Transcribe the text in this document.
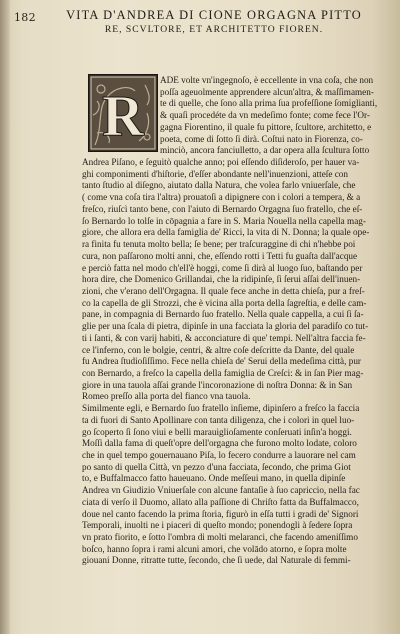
182	VITA D'ANDREA DI CIONE ORGAGNA PITTO
RE, SCVLTORE, ET ARCHITETTO FIOREN.
R
ADE volte vn'ingegnoſo, è eccellente in vna coſa, che non
poſſa ageuolmente apprendere alcun'altra, & maſſimamen-
te di quelle, che ſono alla prima ſua profeſſione ſomiglianti,
& quaſi procedéte da vn medeſimo fonte; come fece l'Or-
gagna Fiorentino, il quale fu pittore, ſcultore, architetto, e
poeta, come di ſotto ſi dirà. Coſtui nato in Fiorenza, co-
minciò, ancora fanciulletto, a dar opera alla ſcultura ſotto
Andrea Piſano, e ſeguitò qualche anno; poi eſſendo diſideroſo, per hauer va-
ghi componimenti d'hiſtorie, d'eſſer abondante nell'inuenzioni, atteſe con
tanto ſtudio al diſegno, aiutato dalla Natura, che volea farlo vniuerſale, che
( come vna coſa tira l'altra) prouatoſi a dipignere con i colori a tempera, & a
freſco, riuſcì tanto bene, con l'aiuto di Bernardo Orgagna ſuo fratello, che eſ-
ſo Bernardo lo tolſe in cōpagnia a fare in S. Maria Nouella nella capella mag-
giore, che allora era della famiglia de' Ricci, la vita di N. Donna; la quale ope-
ra finita fu tenuta molto bella; ſe bene; per traſcuraggine di chi n'hebbe poi
cura, non paſſarono molti anni, che, eſſendo rotti i Tetti fu guaſta dall'acque
e perciò fatta nel modo ch'ell'è hoggi, come ſi dirà al luogo ſuo, baſtando per
hora dire, che Domenico Grillandai, che la ridipinſe, ſi ſerui aſſai dell'inuen-
zioni, che v'erano dell'Orgagna. Il quale fece anche in detta chieſa, pur a freſ-
co la capella de gli Strozzi, che è vicina alla porta della ſagreſtia, e delle cam-
pane, in compagnia di Bernardo ſuo fratello. Nella quale cappella, a cui ſi ſa-
glie per una ſcala di pietra, dipinſe in una facciata la gloria del paradiſo co tut-
ti i ſanti, & con varij habiti, & acconciature di que' tempi. Nell'altra faccia fe-
ce l'inferno, con le bolgie, centri, & altre coſe deſcritte da Dante, del quale
fu Andrea ſtudioſiſſimo. Fece nella chieſa de' Serui della medeſima città, pur
con Bernardo, a freſco la capella della famiglia de Creſci: & in ſan Pier mag-
giore in una tauola aſſai grande l'incoronazione di noſtra Donna: & in San
Romeo preſſo alla porta del fianco vna tauola.
Similmente egli, e Bernardo ſuo fratello inſieme, dipinſero a freſco la faccia
ta di fuori di Santo Apollinare con tanta diligenza, che i colori in quel luo-
go ſcoperto ſi ſono viui e belli marauiglioſamente conſeruati inſin'a hoggi.
Moſſi dalla fama di queſt'opre dell'orgagna che furono molto lodate, coloro
che in quel tempo gouernauano Piſa, lo fecero condurre a lauorare nel cam
po santo di quella Città, vn pezzo d'una facciata, ſecondo, che prima Giot
to, e Buffalmacco fatto haueuano. Onde meſſeui mano, in quella dipinſe
Andrea vn Giudizio Vniuerſale con alcune fantaſie à ſuo capriccio, nella fac
ciata di verſo il Duomo, allato alla paſſione di Chriſto fatta da Buffalmacco,
doue nel canto facendo la prima ſtoria, figurò in eſſa tutti i gradi de' Signori
Temporali, inuolti ne i piaceri di queſto mondo; ponendogli à ſedere ſopra
vn prato fiorito, e ſotto l'ombra di molti melaranci, che facendo ameniſſimo
boſco, hanno ſopra i rami alcuni amori, che volādo atorno, e ſopra molte
giouani Donne, ritratte tutte, ſecondo, che ſi uede, dal Naturale di femmi-
